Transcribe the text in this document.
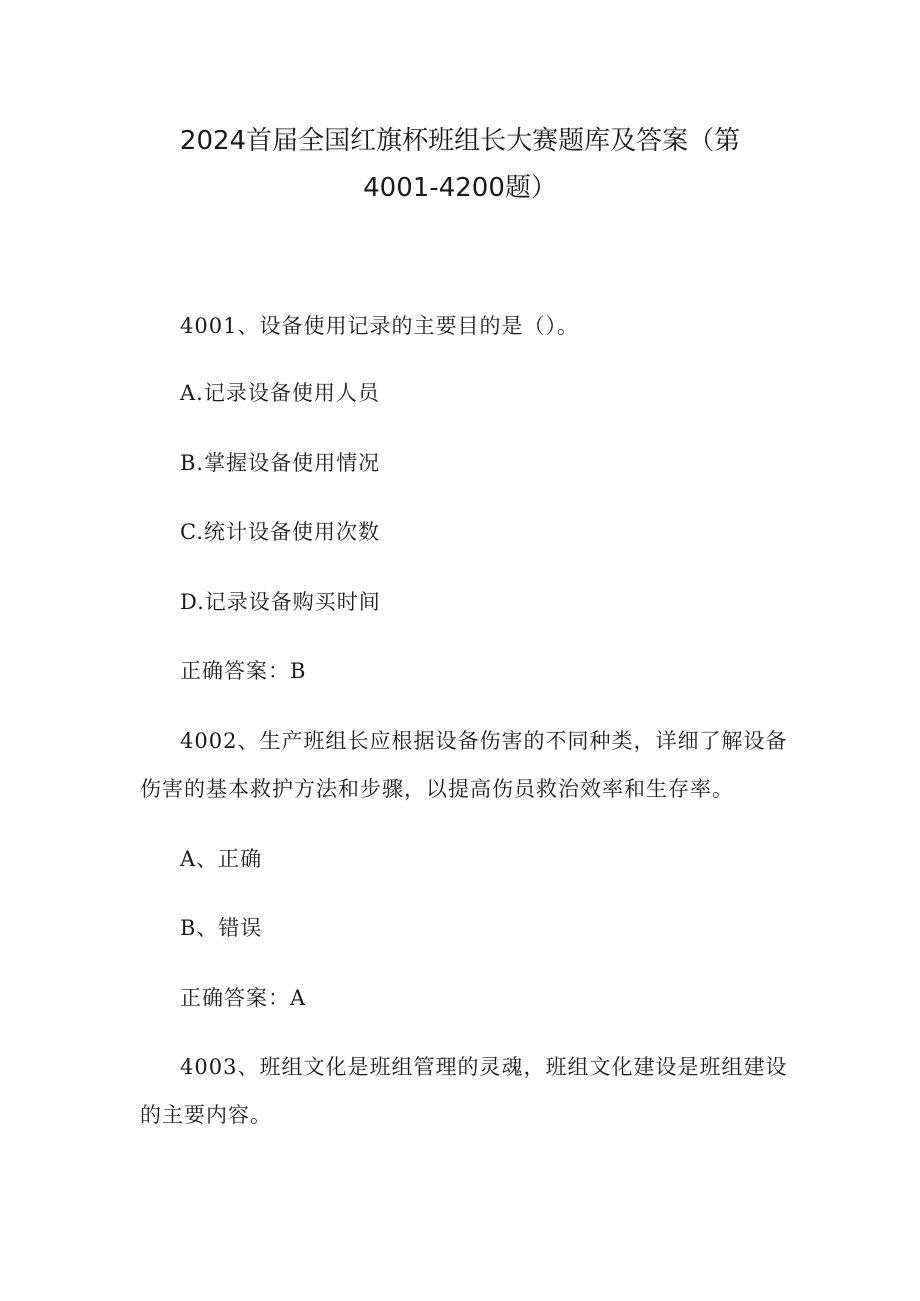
2024首届全国红旗杯班组长大赛题库及答案（第
4001-4200题）
4001、设备使用记录的主要目的是（）。
A.记录设备使用人员
B.掌握设备使用情况
C.统计设备使用次数
D.记录设备购买时间
正确答案：B
4002、生产班组长应根据设备伤害的不同种类，详细了解设备
伤害的基本救护方法和步骤，以提高伤员救治效率和生存率。
A、正确
B、错误
正确答案：A
4003、班组文化是班组管理的灵魂，班组文化建设是班组建设
的主要内容。
